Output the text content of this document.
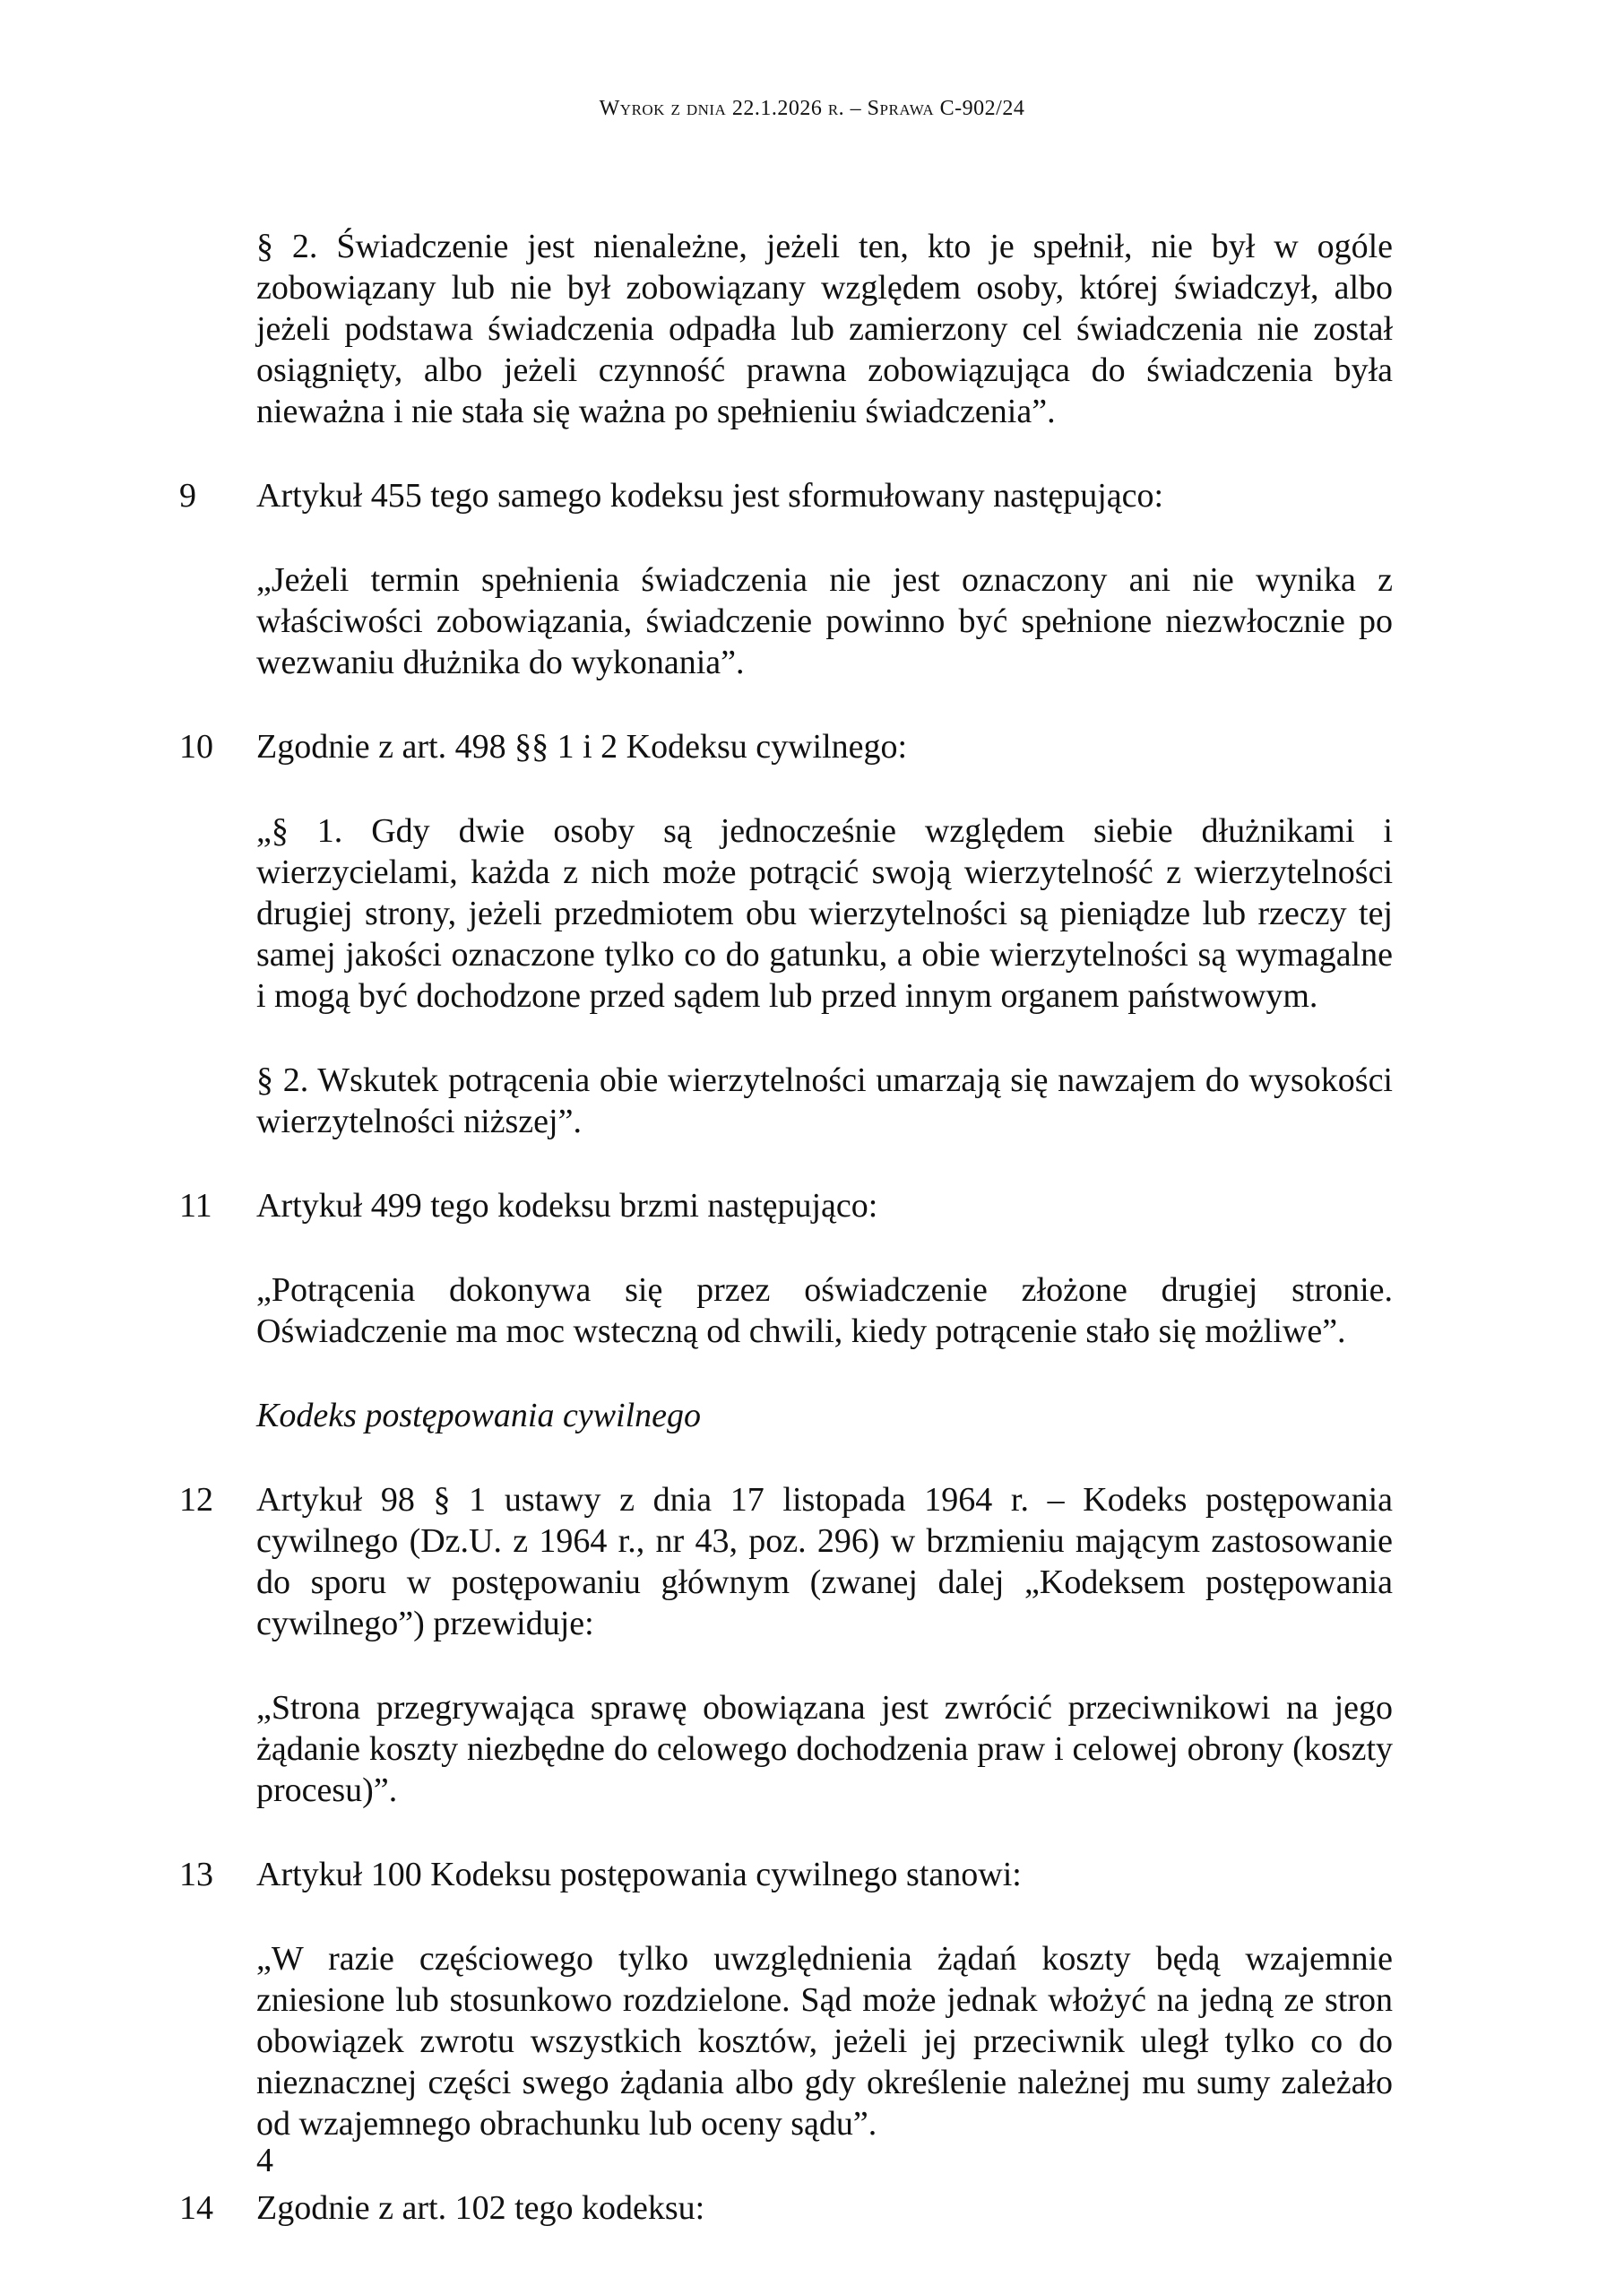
Wyrok z dnia 22.1.2026 r. – Sprawa C-902/24

§ 2. Świadczenie jest nienależne, jeżeli ten, kto je spełnił, nie był w ogóle zobowiązany lub nie był zobowiązany względem osoby, której świadczył, albo jeżeli podstawa świadczenia odpadła lub zamierzony cel świadczenia nie został osiągnięty, albo jeżeli czynność prawna zobowiązująca do świadczenia była nieważna i nie stała się ważna po spełnieniu świadczenia”.

9 Artykuł 455 tego samego kodeksu jest sformułowany następująco:

„Jeżeli termin spełnienia świadczenia nie jest oznaczony ani nie wynika z właściwości zobowiązania, świadczenie powinno być spełnione niezwłocznie po wezwaniu dłużnika do wykonania”.

10 Zgodnie z art. 498 §§ 1 i 2 Kodeksu cywilnego:

„§ 1. Gdy dwie osoby są jednocześnie względem siebie dłużnikami i wierzycielami, każda z nich może potrącić swoją wierzytelność z wierzytelności drugiej strony, jeżeli przedmiotem obu wierzytelności są pieniądze lub rzeczy tej samej jakości oznaczone tylko co do gatunku, a obie wierzytelności są wymagalne i mogą być dochodzone przed sądem lub przed innym organem państwowym.

§ 2. Wskutek potrącenia obie wierzytelności umarzają się nawzajem do wysokości wierzytelności niższej”.

11 Artykuł 499 tego kodeksu brzmi następująco:

„Potrącenia dokonywa się przez oświadczenie złożone drugiej stronie. Oświadczenie ma moc wsteczną od chwili, kiedy potrącenie stało się możliwe”.

Kodeks postępowania cywilnego

12 Artykuł 98 § 1 ustawy z dnia 17 listopada 1964 r. – Kodeks postępowania cywilnego (Dz.U. z 1964 r., nr 43, poz. 296) w brzmieniu mającym zastosowanie do sporu w postępowaniu głównym (zwanej dalej „Kodeksem postępowania cywilnego”) przewiduje:

„Strona przegrywająca sprawę obowiązana jest zwrócić przeciwnikowi na jego żądanie koszty niezbędne do celowego dochodzenia praw i celowej obrony (koszty procesu)”.

13 Artykuł 100 Kodeksu postępowania cywilnego stanowi:

„W razie częściowego tylko uwzględnienia żądań koszty będą wzajemnie zniesione lub stosunkowo rozdzielone. Sąd może jednak włożyć na jedną ze stron obowiązek zwrotu wszystkich kosztów, jeżeli jej przeciwnik uległ tylko co do nieznacznej części swego żądania albo gdy określenie należnej mu sumy zależało od wzajemnego obrachunku lub oceny sądu”.

14 Zgodnie z art. 102 tego kodeksu:

4
